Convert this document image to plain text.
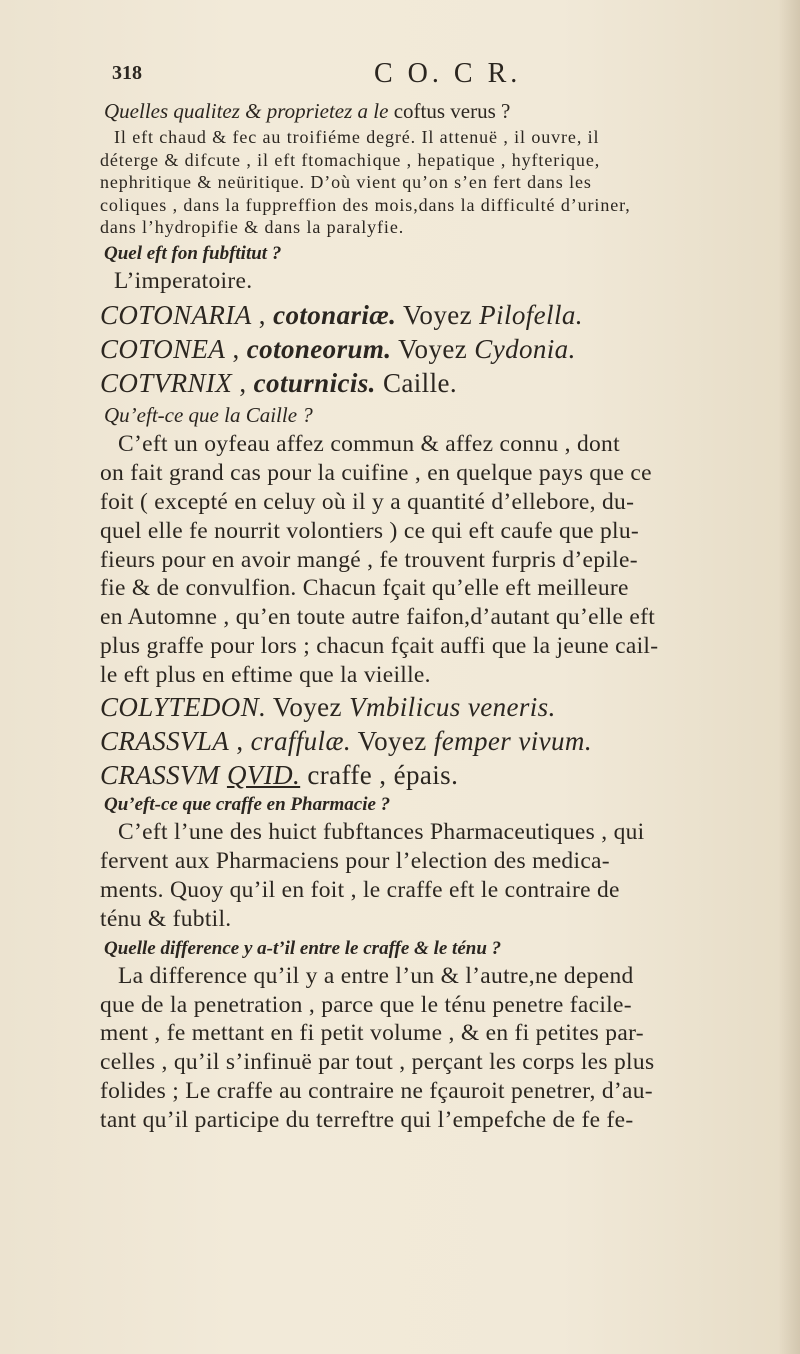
318	C O. C R.
Quelles qualitez & proprietez a le coftus verus ?
Il eft chaud & fec au troifiéme degré. Il attenuë , il ouvre, il
déterge & difcute , il eft ftomachique , hepatique , hyfterique,
nephritique & neüritique. D’où vient qu’on s’en fert dans les
coliques , dans la fuppreffion des mois,dans la difficulté d’uriner,
dans l’hydropifie & dans la paralyfie.
Quel eft fon fubftitut ?
L’imperatoire.
COTONARIA , cotonariæ. Voyez Pilofella.
COTONEA , cotoneorum. Voyez Cydonia.
COTVRNIX , coturnicis. Caille.
Qu’eft-ce que la Caille ?
C’eft un oyfeau affez commun & affez connu , dont
on fait grand cas pour la cuifine , en quelque pays que ce
foit ( excepté en celuy où il y a quantité d’ellebore, du-
quel elle fe nourrit volontiers ) ce qui eft caufe que plu-
fieurs pour en avoir mangé , fe trouvent furpris d’epile-
fie & de convulfion. Chacun fçait qu’elle eft meilleure
en Automne , qu’en toute autre faifon,d’autant qu’elle eft
plus graffe pour lors ; chacun fçait auffi que la jeune cail-
le eft plus en eftime que la vieille.
COLYTEDON. Voyez Vmbilicus veneris.
CRASSVLA , craffulæ. Voyez femper vivum.
CRASSVM QVID. craffe , épais.
Qu’eft-ce que craffe en Pharmacie ?
C’eft l’une des huict fubftances Pharmaceutiques , qui
fervent aux Pharmaciens pour l’election des medica-
ments. Quoy qu’il en foit , le craffe eft le contraire de
ténu & fubtil.
Quelle difference y a-t’il entre le craffe & le ténu ?
La difference qu’il y a entre l’un & l’autre,ne depend
que de la penetration , parce que le ténu penetre facile-
ment , fe mettant en fi petit volume , & en fi petites par-
celles , qu’il s’infinuë par tout , perçant les corps les plus
folides ; Le craffe au contraire ne fçauroit penetrer, d’au-
tant qu’il participe du terreftre qui l’empefche de fe fe-
